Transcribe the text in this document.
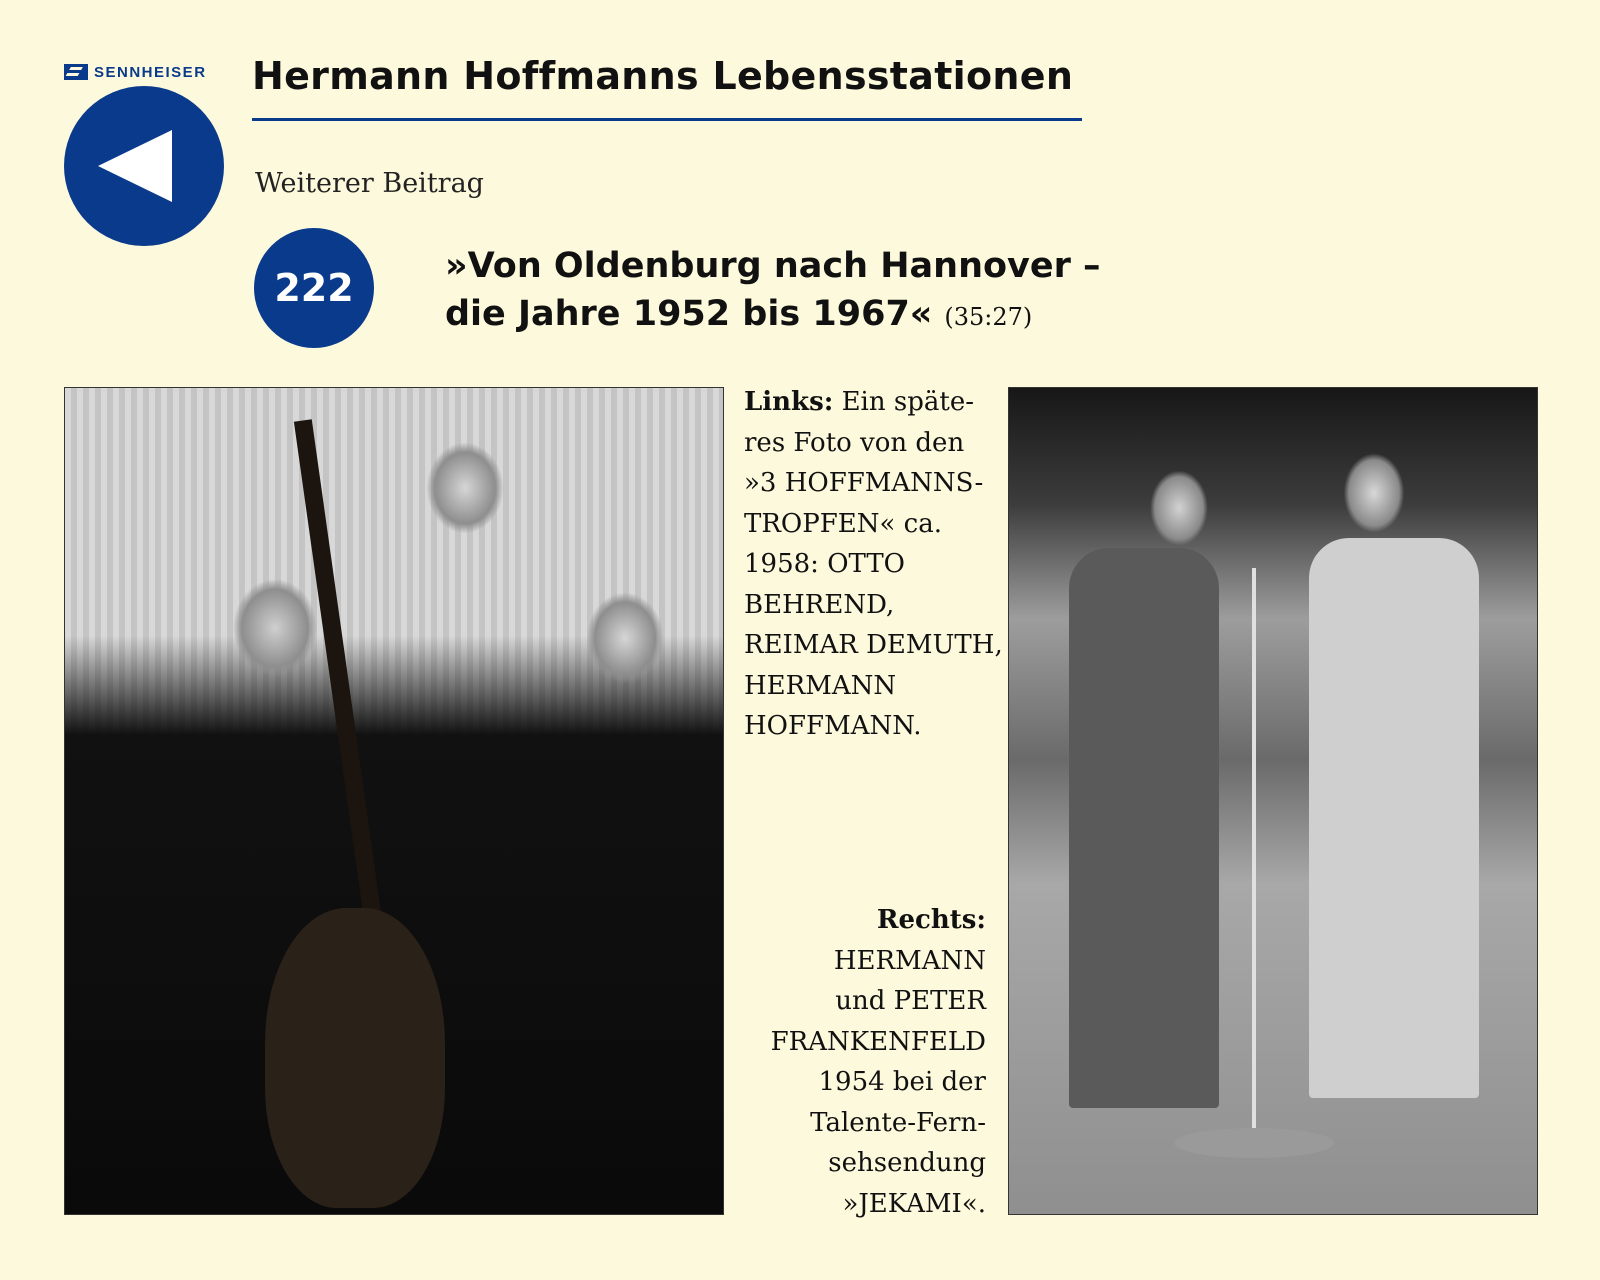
SENNHEISER Hermann Hoffmanns Lebensstationen
Weiterer Beitrag
222	»Von Oldenburg nach Hannover –
die Jahre 1952 bis 1967« (35:27)
Links: Ein späte-
res Foto von den
»3 HOFFMANNS-
TROPFEN« ca.
1958: OTTO
BEHREND,
REIMAR DEMUTH,
HERMANN
HOFFMANN.
Rechts:
HERMANN
und PETER
FRANKENFELD
1954 bei der
Talente-Fern-
sehsendung
»JEKAMI«.
